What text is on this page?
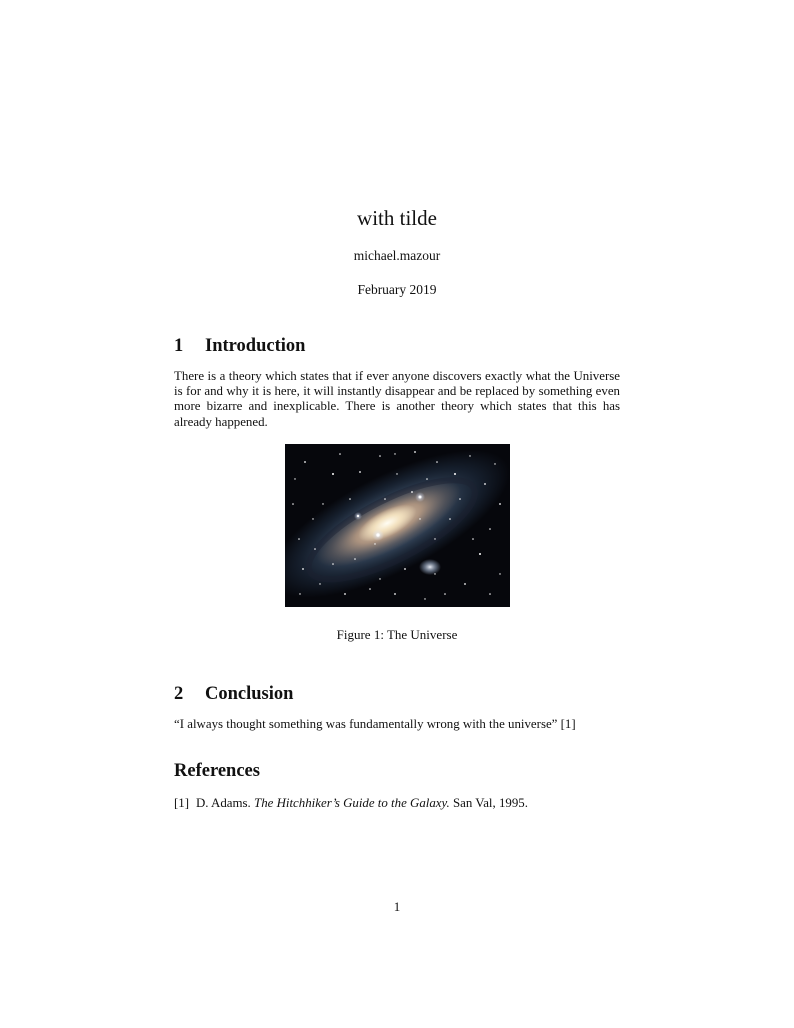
with tilde
michael.mazour
February 2019
1	Introduction
There is a theory which states that if ever anyone discovers exactly what the Universe is for and why it is here, it will instantly disappear and be replaced by something even more bizarre and inexplicable. There is another theory which states that this has already happened.
Figure 1: The Universe
2	Conclusion
“I always thought something was fundamentally wrong with the universe” [1]
References
[1] D. Adams. The Hitchhiker’s Guide to the Galaxy. San Val, 1995.
1
